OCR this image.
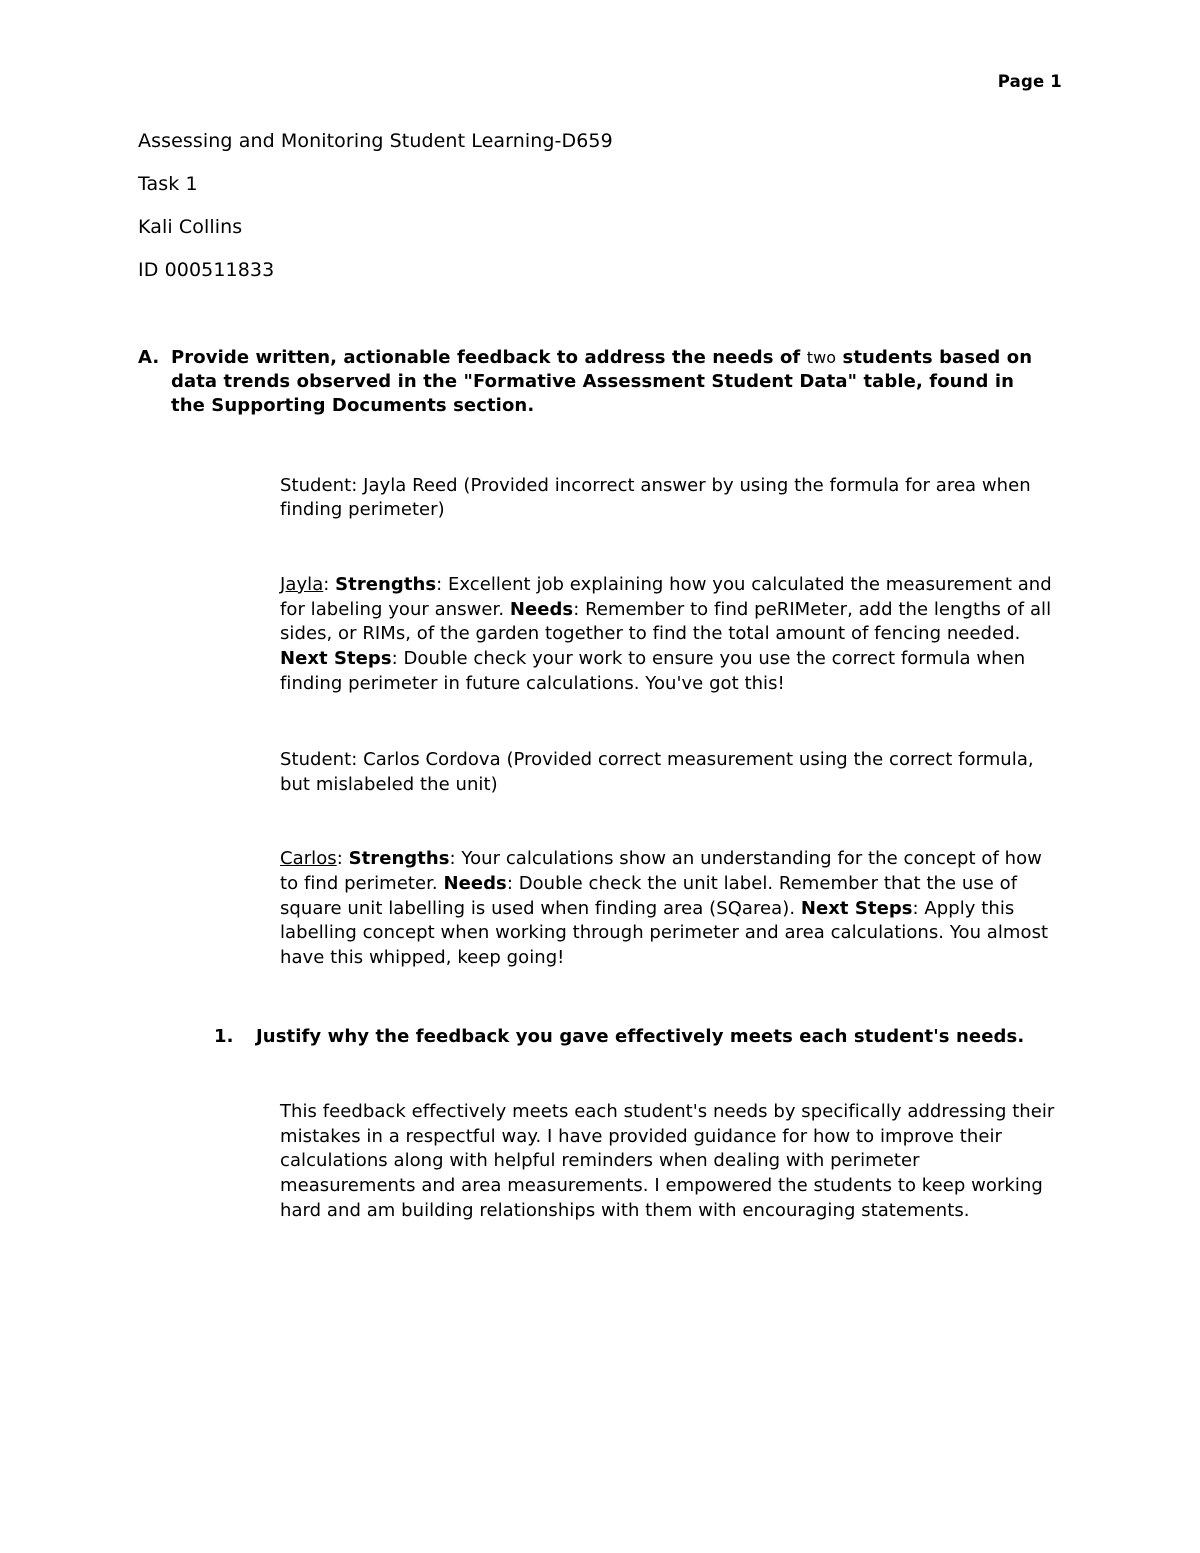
Page 1
Assessing and Monitoring Student Learning-D659
Task 1
Kali Collins
ID 000511833
A. Provide written, actionable feedback to address the needs of two students based on data trends observed in the "Formative Assessment Student Data" table, found in the Supporting Documents section.
Student: Jayla Reed (Provided incorrect answer by using the formula for area when finding perimeter)
Jayla: Strengths: Excellent job explaining how you calculated the measurement and for labeling your answer. Needs: Remember to find peRIMeter, add the lengths of all sides, or RIMs, of the garden together to find the total amount of fencing needed. Next Steps: Double check your work to ensure you use the correct formula when finding perimeter in future calculations. You've got this!
Student: Carlos Cordova (Provided correct measurement using the correct formula, but mislabeled the unit)
Carlos: Strengths: Your calculations show an understanding for the concept of how to find perimeter. Needs: Double check the unit label. Remember that the use of square unit labelling is used when finding area (SQarea). Next Steps: Apply this labelling concept when working through perimeter and area calculations. You almost have this whipped, keep going!
1.	Justify why the feedback you gave effectively meets each student's needs.
This feedback effectively meets each student's needs by specifically addressing their mistakes in a respectful way. I have provided guidance for how to improve their calculations along with helpful reminders when dealing with perimeter measurements and area measurements. I empowered the students to keep working hard and am building relationships with them with encouraging statements.
